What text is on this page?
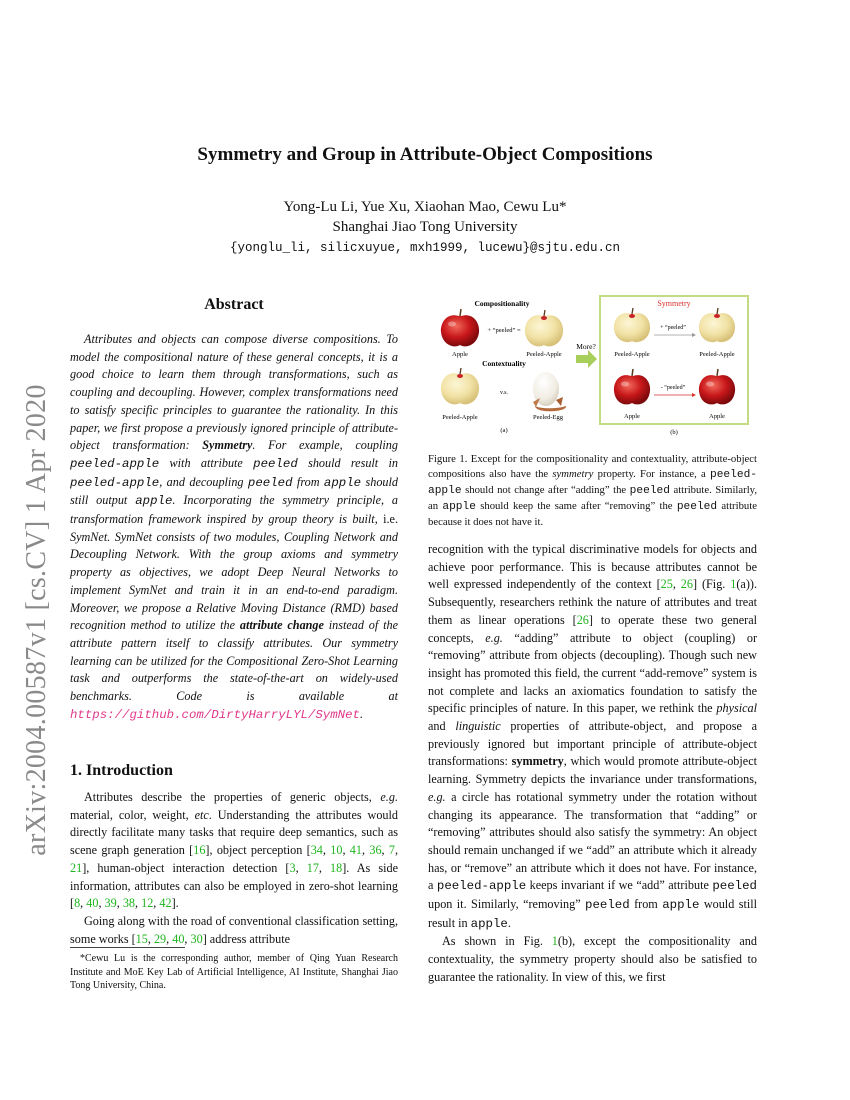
arXiv:2004.00587v1 [cs.CV] 1 Apr 2020
Symmetry and Group in Attribute-Object Compositions
Yong-Lu Li, Yue Xu, Xiaohan Mao, Cewu Lu*
Shanghai Jiao Tong University
{yonglu_li, silicxuyue, mxh1999, lucewu}@sjtu.edu.cn
Abstract
Attributes and objects can compose diverse compositions. To model the compositional nature of these general concepts, it is a good choice to learn them through transformations, such as coupling and decoupling. However, complex transformations need to satisfy specific principles to guarantee the rationality. In this paper, we first propose a previously ignored principle of attribute-object transformation: Symmetry. For example, coupling peeled-apple with attribute peeled should result in peeled-apple, and decoupling peeled from apple should still output apple. Incorporating the symmetry principle, a transformation framework inspired by group theory is built, i.e. SymNet. SymNet consists of two modules, Coupling Network and Decoupling Network. With the group axioms and symmetry property as objectives, we adopt Deep Neural Networks to implement SymNet and train it in an end-to-end paradigm. Moreover, we propose a Relative Moving Distance (RMD) based recognition method to utilize the attribute change instead of the attribute pattern itself to classify attributes. Our symmetry learning can be utilized for the Compositional Zero-Shot Learning task and outperforms the state-of-the-art on widely-used benchmarks. Code is available at https://github.com/DirtyHarryLYL/SymNet.
1. Introduction

Attributes describe the properties of generic objects, e.g. material, color, weight, etc. Understanding the attributes would directly facilitate many tasks that require deep semantics, such as scene graph generation [16], object perception [34, 10, 41, 36, 7, 21], human-object interaction detection [3, 17, 18]. As side information, attributes can also be employed in zero-shot learning [8, 40, 39, 38, 12, 42].

Going along with the road of conventional classification setting, some works [15, 29, 40, 30] address attribute

*Cewu Lu is the corresponding author, member of Qing Yuan Research Institute and MoE Key Lab of Artificial Intelligence, AI Institute, Shanghai Jiao Tong University, China.
Compositionality
Apple
+ “peeled” =
Peeled-Apple
Contextuality
Peeled-Apple
v.s.
Peeled-Egg
(a)
More?
Symmetry
Peeled-Apple
+ “peeled”
Peeled-Apple
Apple
- “peeled”
Apple
(b)
Figure 1. Except for the compositionality and contextuality, attribute-object compositions also have the symmetry property. For instance, a peeled-apple should not change after “adding” the peeled attribute. Similarly, an apple should keep the same after “removing” the peeled attribute because it does not have it.

recognition with the typical discriminative models for objects and achieve poor performance. This is because attributes cannot be well expressed independently of the context [25, 26] (Fig. 1(a)). Subsequently, researchers rethink the nature of attributes and treat them as linear operations [26] to operate these two general concepts, e.g. “adding” attribute to object (coupling) or “removing” attribute from objects (decoupling). Though such new insight has promoted this field, the current “add-remove” system is not complete and lacks an axiomatics foundation to satisfy the specific principles of nature. In this paper, we rethink the physical and linguistic properties of attribute-object, and propose a previously ignored but important principle of attribute-object transformations: symmetry, which would promote attribute-object learning. Symmetry depicts the invariance under transformations, e.g. a circle has rotational symmetry under the rotation without changing its appearance. The transformation that “adding” or “removing” attributes should also satisfy the symmetry: An object should remain unchanged if we “add” an attribute which it already has, or “remove” an attribute which it does not have. For instance, a peeled-apple keeps invariant if we “add” attribute peeled upon it. Similarly, “removing” peeled from apple would still result in apple.

As shown in Fig. 1(b), except the compositionality and contextuality, the symmetry property should also be satisfied to guarantee the rationality. In view of this, we first
